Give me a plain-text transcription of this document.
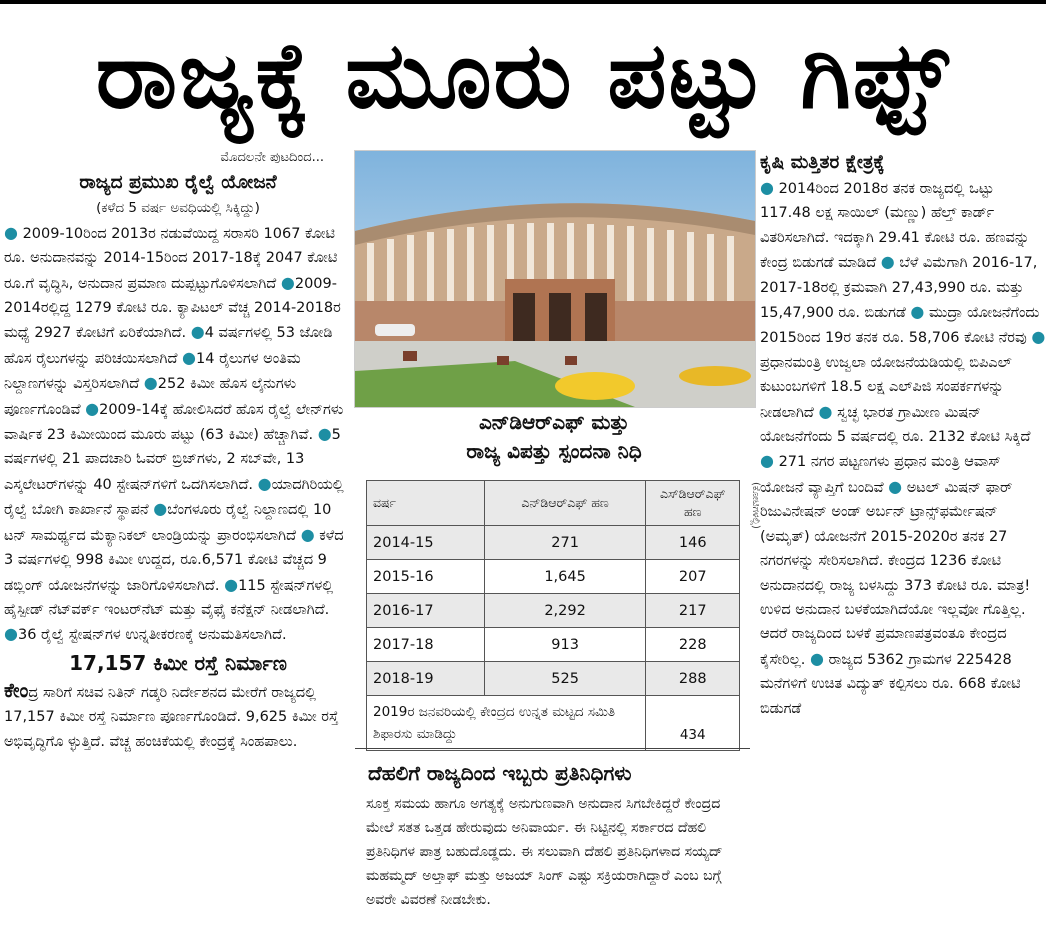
ರಾಜ್ಯಕ್ಕೆ ಮೂರು ಪಟ್ಟು ಗಿಫ್ಟ್

ಮೊದಲನೇ ಪುಟದಿಂದ...

ರಾಜ್ಯದ ಪ್ರಮುಖ ರೈಲ್ವೆ ಯೋಜನೆ

(ಕಳೆದ 5 ವರ್ಷ ಅವಧಿಯಲ್ಲಿ ಸಿಕ್ಕಿದ್ದು)

● 2009-10ರಿಂದ 2013ರ ನಡುವೆಯಿದ್ದ ಸರಾಸರಿ 1067 ಕೋಟಿ ರೂ. ಅನುದಾನವನ್ನು 2014-15ರಿಂದ 2017-18ಕ್ಕೆ 2047 ಕೋಟಿ ರೂ.ಗೆ ವೃದ್ಧಿಸಿ, ಅನುದಾನ ಪ್ರಮಾಣ ದುಪ್ಪಟ್ಟುಗೊಳಿಸಲಾಗಿದೆ ●2009-2014ರಲ್ಲಿದ್ದ 1279 ಕೋಟಿ ರೂ. ಕ್ಯಾಪಿಟಲ್ ವೆಚ್ಚ 2014-2018ರ ಮಧ್ಯೆ 2927 ಕೋಟಿಗೆ ಏರಿಕೆಯಾಗಿದೆ. ●4 ವರ್ಷಗಳಲ್ಲಿ 53 ಜೋಡಿ ಹೊಸ ರೈಲುಗಳನ್ನು ಪರಿಚಯಿಸಲಾಗಿದೆ ●14 ರೈಲುಗಳ ಅಂತಿಮ ನಿಲ್ದಾಣಗಳನ್ನು ವಿಸ್ತರಿಸಲಾಗಿದೆ ●252 ಕಿಮೀ ಹೊಸ ಲೈನುಗಳು ಪೂರ್ಣಗೊಂಡಿವೆ ●2009-14ಕ್ಕೆ ಹೋಲಿಸಿದರೆ ಹೊಸ ರೈಲ್ವೆ ಲೇನ್‌ಗಳು ವಾರ್ಷಿಕ 23 ಕಿಮೀಯಿಂದ ಮೂರು ಪಟ್ಟು (63 ಕಿಮೀ) ಹೆಚ್ಚಾಗಿವೆ. ●5 ವರ್ಷಗಳಲ್ಲಿ 21 ಪಾದಚಾರಿ ಓವರ್ ಬ್ರಿಜ್‌ಗಳು, 2 ಸಬ್‌ವೇ, 13 ಎಸ್ಕಲೇಟರ್‌ಗಳನ್ನು 40 ಸ್ಟೇಷನ್‌ಗಳಿಗೆ ಒದಗಿಸಲಾಗಿದೆ. ●ಯಾದಗಿರಿಯಲ್ಲಿ ರೈಲ್ವೆ ಬೋಗಿ ಕಾರ್ಖಾನೆ ಸ್ಥಾಪನೆ ●ಬೆಂಗಳೂರು ರೈಲ್ವೆ ನಿಲ್ದಾಣದಲ್ಲಿ 10 ಟನ್ ಸಾಮರ್ಥ್ಯದ ಮೆಕ್ಯಾನಿಕಲ್ ಲಾಂಡ್ರಿಯನ್ನು ಪ್ರಾರಂಭಿಸಲಾಗಿದೆ ● ಕಳೆದ 3 ವರ್ಷಗಳಲ್ಲಿ 998 ಕಿಮೀ ಉದ್ದದ, ರೂ.6,571 ಕೋಟಿ ವೆಚ್ಚದ 9 ಡಬ್ಲಿಂಗ್ ಯೋಜನೆಗಳನ್ನು ಜಾರಿಗೊಳಿಸಲಾಗಿದೆ. ●115 ಸ್ಟೇಷನ್‌ಗಳಲ್ಲಿ ಹೈಸ್ಪೀಡ್ ನೆಟ್‌ವರ್ಕ್ ಇಂಟರ್‌ನೆಟ್ ಮತ್ತು ವೈಫೈ ಕನೆಕ್ಷನ್ ನೀಡಲಾಗಿದೆ. ●36 ರೈಲ್ವೆ ಸ್ಟೇಷನ್‌ಗಳ ಉನ್ನತೀಕರಣಕ್ಕೆ ಅನುಮತಿಸಲಾಗಿದೆ.

17,157 ಕಿಮೀ ರಸ್ತೆ ನಿರ್ಮಾಣ

ಕೇಂದ್ರ ಸಾರಿಗೆ ಸಚಿವ ನಿತಿನ್ ಗಡ್ಕರಿ ನಿರ್ದೇಶನದ ಮೇರೆಗೆ ರಾಜ್ಯದಲ್ಲಿ 17,157 ಕಿಮೀ ರಸ್ತೆ ನಿರ್ಮಾಣ ಪೂರ್ಣಗೊಂಡಿದೆ. 9,625 ಕಿಮೀ ರಸ್ತೆ ಅಭಿವೃದ್ಧಿಗೊ ಳ್ಳುತ್ತಿದೆ. ವೆಚ್ಚ ಹಂಚಿಕೆಯಲ್ಲಿ ಕೇಂದ್ರಕ್ಕೆ ಸಿಂಹಪಾಲು.

ಎನ್‌ಡಿಆರ್‌ಎಫ್ ಮತ್ತು
ರಾಜ್ಯ ವಿಪತ್ತು ಸ್ಪಂದನಾ ನಿಧಿ
ವರ್ಷ	ಎನ್‌ಡಿಆರ್‌ಎಫ್ ಹಣ	ಎಸ್‌ಡಿಆರ್‌ಎಫ್ ಹಣ
2014-15	271	146
2015-16	1,645	207
2016-17	2,292	217
2017-18	913	228
2018-19	525	288
2019ರ ಜನವರಿಯಲ್ಲಿ ಕೇಂದ್ರದ ಉನ್ನತ ಮಟ್ಟದ ಸಮಿತಿ ಶಿಫಾರಸು ಮಾಡಿದ್ದು		434
(ಕೋಟಿಗಳಲ್ಲಿ)
ದೆಹಲಿಗೆ ರಾಜ್ಯದಿಂದ ಇಬ್ಬರು ಪ್ರತಿನಿಧಿಗಳು
ಸೂಕ್ತ ಸಮಯ ಹಾಗೂ ಅಗತ್ಯಕ್ಕೆ ಅನುಗುಣವಾಗಿ ಅನುದಾನ ಸಿಗಬೇಕಿದ್ದರೆ ಕೇಂದ್ರದ ಮೇಲೆ ಸತತ ಒತ್ತಡ ಹೇರುವುದು ಅನಿವಾರ್ಯ. ಈ ನಿಟ್ಟಿನಲ್ಲಿ ಸರ್ಕಾರದ ದೆಹಲಿ ಪ್ರತಿನಿಧಿಗಳ ಪಾತ್ರ ಬಹುದೊಡ್ಡದು. ಈ ಸಲುವಾಗಿ ದೆಹಲಿ ಪ್ರತಿನಿಧಿಗಳಾದ ಸಯ್ಯದ್ ಮಹಮ್ಮದ್ ಅಲ್ತಾಫ್ ಮತ್ತು ಅಜಯ್ ಸಿಂಗ್ ಎಷ್ಟು ಸಕ್ರಿಯರಾಗಿದ್ದಾರೆ ಎಂಬ ಬಗ್ಗೆ ಅವರೇ ವಿವರಣೆ ನೀಡಬೇಕು.

ಕೃಷಿ ಮತ್ತಿತರ ಕ್ಷೇತ್ರಕ್ಕೆ

● 2014ರಿಂದ 2018ರ ತನಕ ರಾಜ್ಯದಲ್ಲಿ ಒಟ್ಟು 117.48 ಲಕ್ಷ ಸಾಯಿಲ್ (ಮಣ್ಣು) ಹೆಲ್ತ್ ಕಾರ್ಡ್ ವಿತರಿಸಲಾಗಿದೆ. ಇದಕ್ಕಾಗಿ 29.41 ಕೋಟಿ ರೂ. ಹಣವನ್ನು ಕೇಂದ್ರ ಬಿಡುಗಡೆ ಮಾಡಿದೆ ● ಬೆಳೆ ವಿಮೆಗಾಗಿ 2016-17, 2017-18ರಲ್ಲಿ ಕ್ರಮವಾಗಿ 27,43,990 ರೂ. ಮತ್ತು 15,47,900 ರೂ. ಬಿಡುಗಡೆ ● ಮುದ್ರಾ ಯೋಜನೆಗೆಂದು 2015ರಿಂದ 19ರ ತನಕ ರೂ. 58,706 ಕೋಟಿ ನೆರವು ● ಪ್ರಧಾನಮಂತ್ರಿ ಉಜ್ವಲಾ ಯೋಜನೆಯಡಿಯಲ್ಲಿ ಬಿಪಿಎಲ್ ಕುಟುಂಬಗಳಿಗೆ 18.5 ಲಕ್ಷ ಎಲ್‌ಪಿಜಿ ಸಂಪರ್ಕಗಳನ್ನು ನೀಡಲಾಗಿದೆ ● ಸ್ವಚ್ಛ ಭಾರತ ಗ್ರಾಮೀಣ ಮಿಷನ್ ಯೋಜನೆಗೆಂದು 5 ವರ್ಷದಲ್ಲಿ ರೂ. 2132 ಕೋಟಿ ಸಿಕ್ಕಿದೆ ● 271 ನಗರ ಪಟ್ಟಣಗಳು ಪ್ರಧಾನ ಮಂತ್ರಿ ಆವಾಸ್ ಯೋಜನೆ ವ್ಯಾಪ್ತಿಗೆ ಬಂದಿವೆ ● ಅಟಲ್ ಮಿಷನ್ ಫಾರ್ ರಿಜುವಿನೇಷನ್ ಅಂಡ್ ಅರ್ಬನ್ ಟ್ರಾನ್ಸ್‌ಫರ್ಮೇಷನ್ (ಅಮೃತ್) ಯೋಜನೆಗೆ 2015-2020ರ ತನಕ 27 ನಗರಗಳನ್ನು ಸೇರಿಸಲಾಗಿದೆ. ಕೇಂದ್ರದ 1236 ಕೋಟಿ ಅನುದಾನದಲ್ಲಿ ರಾಜ್ಯ ಬಳಸಿದ್ದು 373 ಕೋಟಿ ರೂ. ಮಾತ್ರ! ಉಳಿದ ಅನುದಾನ ಬಳಕೆಯಾಗಿದೆಯೋ ಇಲ್ಲವೋ ಗೊತ್ತಿಲ್ಲ. ಆದರೆ ರಾಜ್ಯದಿಂದ ಬಳಕೆ ಪ್ರಮಾಣಪತ್ರವಂತೂ ಕೇಂದ್ರದ ಕೈಸೇರಿಲ್ಲ. ● ರಾಜ್ಯದ 5362 ಗ್ರಾಮಗಳ 225428 ಮನೆಗಳಿಗೆ ಉಚಿತ ವಿದ್ಯುತ್ ಕಲ್ಪಿಸಲು ರೂ. 668 ಕೋಟಿ ಬಿಡುಗಡೆ
